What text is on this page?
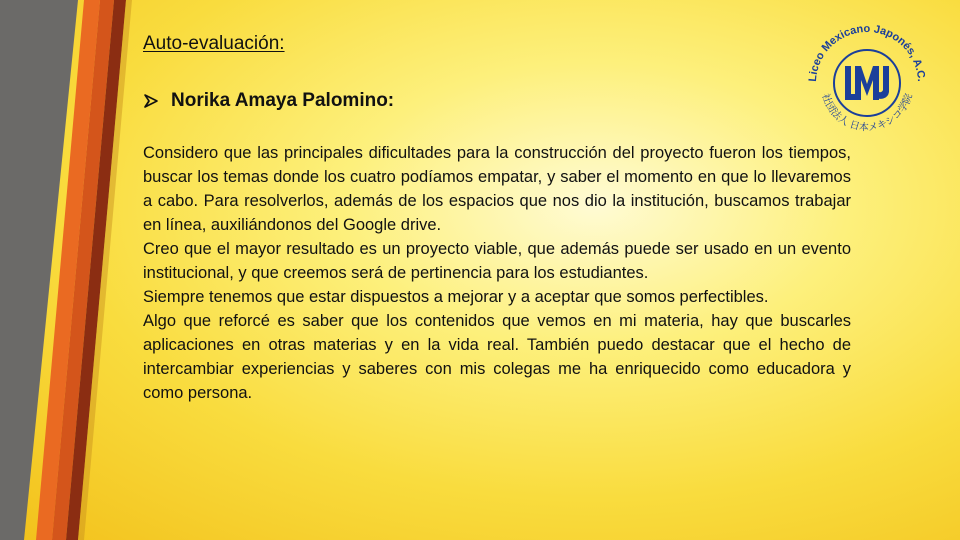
Auto-evaluación:
Norika Amaya Palomino:

Considero que las principales dificultades para la construcción del proyecto fueron los tiempos, buscar los temas donde los cuatro podíamos empatar, y saber el momento en que lo llevaremos a cabo. Para resolverlos, además de los espacios que nos dio la institución, buscamos trabajar en línea, auxiliándonos del Google drive.

Creo que el mayor resultado es un proyecto viable, que además puede ser usado en un evento institucional, y que creemos será de pertinencia para los estudiantes.

Siempre tenemos que estar dispuestos a mejorar y a aceptar que somos perfectibles.

Algo que reforcé es saber que los contenidos que vemos en mi materia, hay que buscarles aplicaciones en otras materias y en la vida real. También puedo destacar que el hecho de intercambiar experiencias y saberes con mis colegas me ha enriquecido como educadora y como persona.

Liceo Mexicano Japonés, A.C.
社団法人 日本メキシコ学院
